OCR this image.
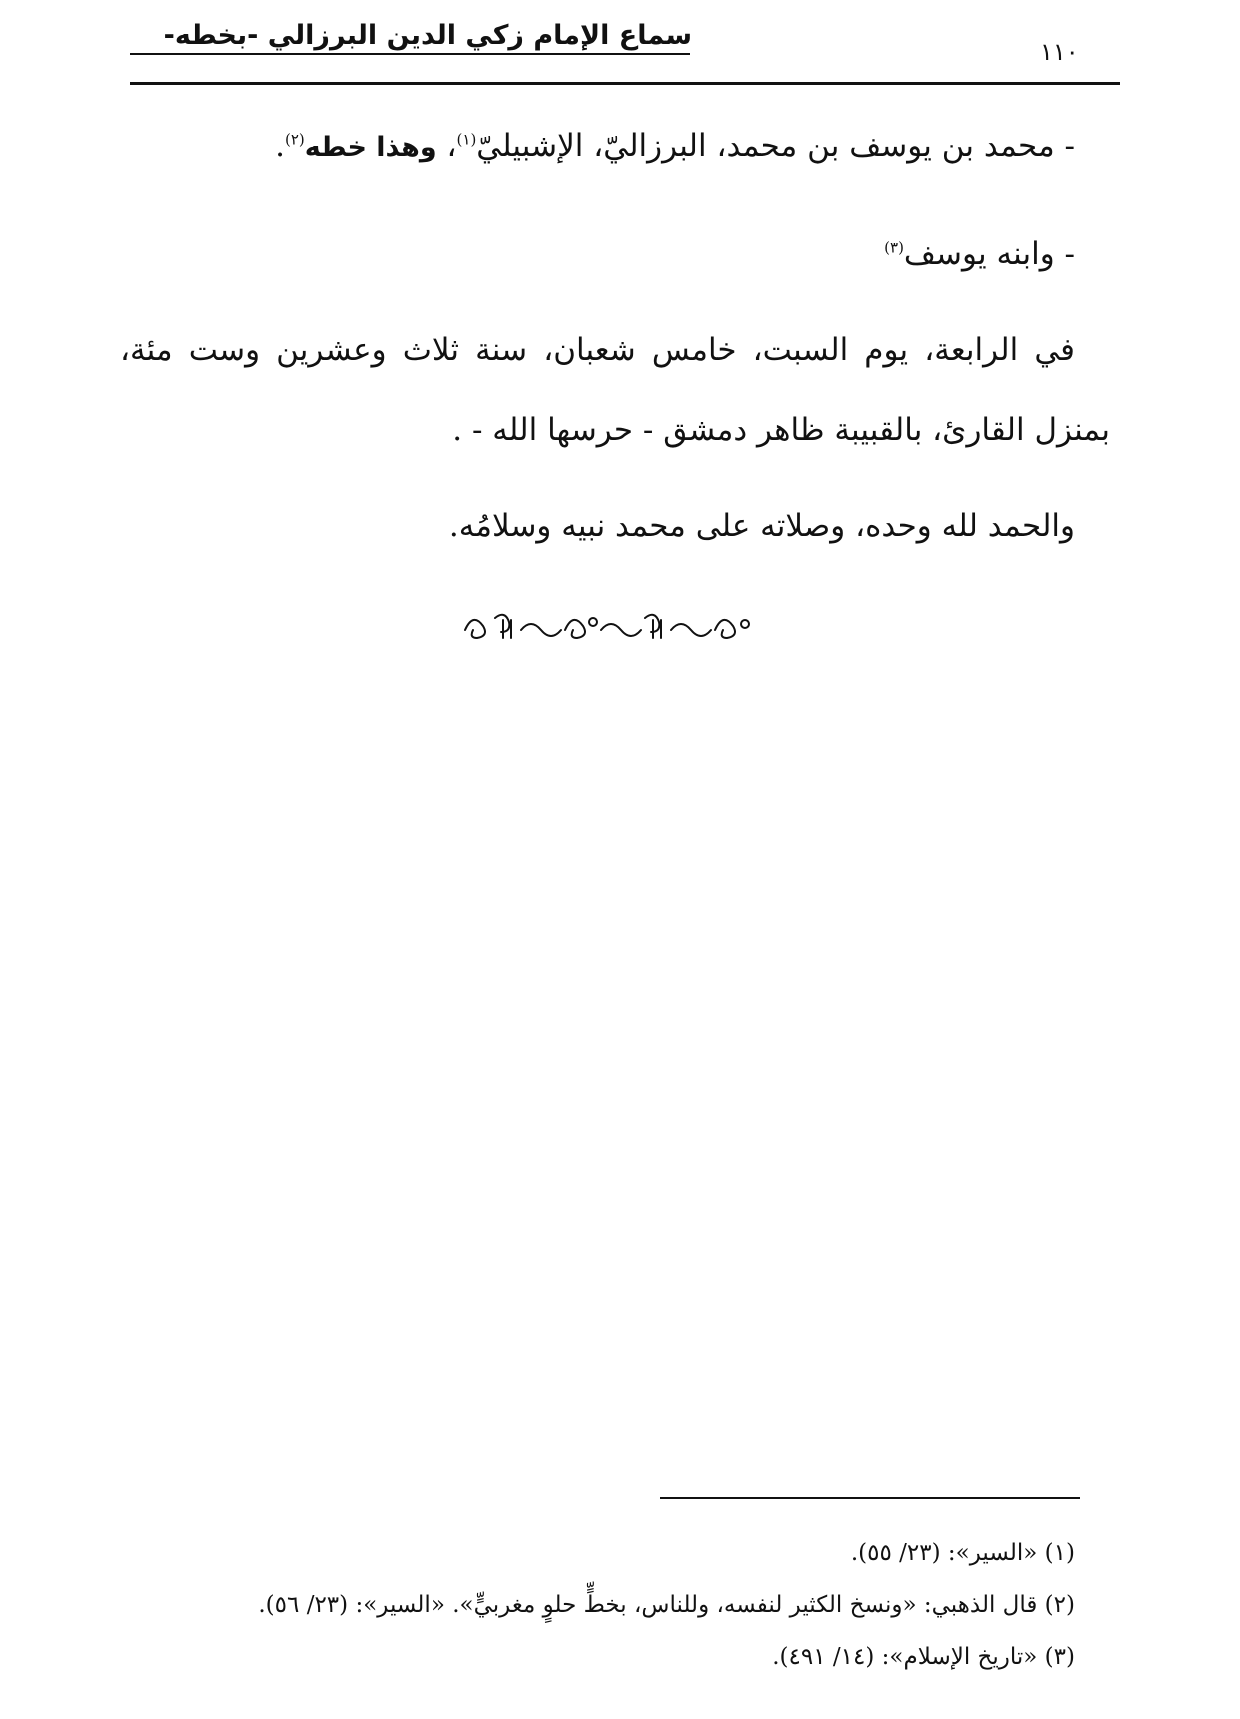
سماع الإمام زكي الدين البرزالي -بخطه-
١١٠
- محمد بن يوسف بن محمد، البرزاليّ، الإشبيليّ$^{(١)}$، وهذا خطه$^{(٢)}$.
- وابنه يوسف$^{(٣)}$
في الرابعة، يوم السبت، خامس شعبان، سنة ثلاث وعشرين وست مئة،
بمنزل القارئ، بالقبيبة ظاهر دمشق - حرسها الله - .
والحمد لله وحده، وصلاته على محمد نبيه وسلامُه.
(١) «السير»: (٢٣/ ٥٥).
(٢) قال الذهبي: «ونسخ الكثير لنفسه، وللناس، بخطٍّ حلوٍ مغربيٍّ». «السير»: (٢٣/ ٥٦).
(٣) «تاريخ الإسلام»: (١٤/ ٤٩١).
